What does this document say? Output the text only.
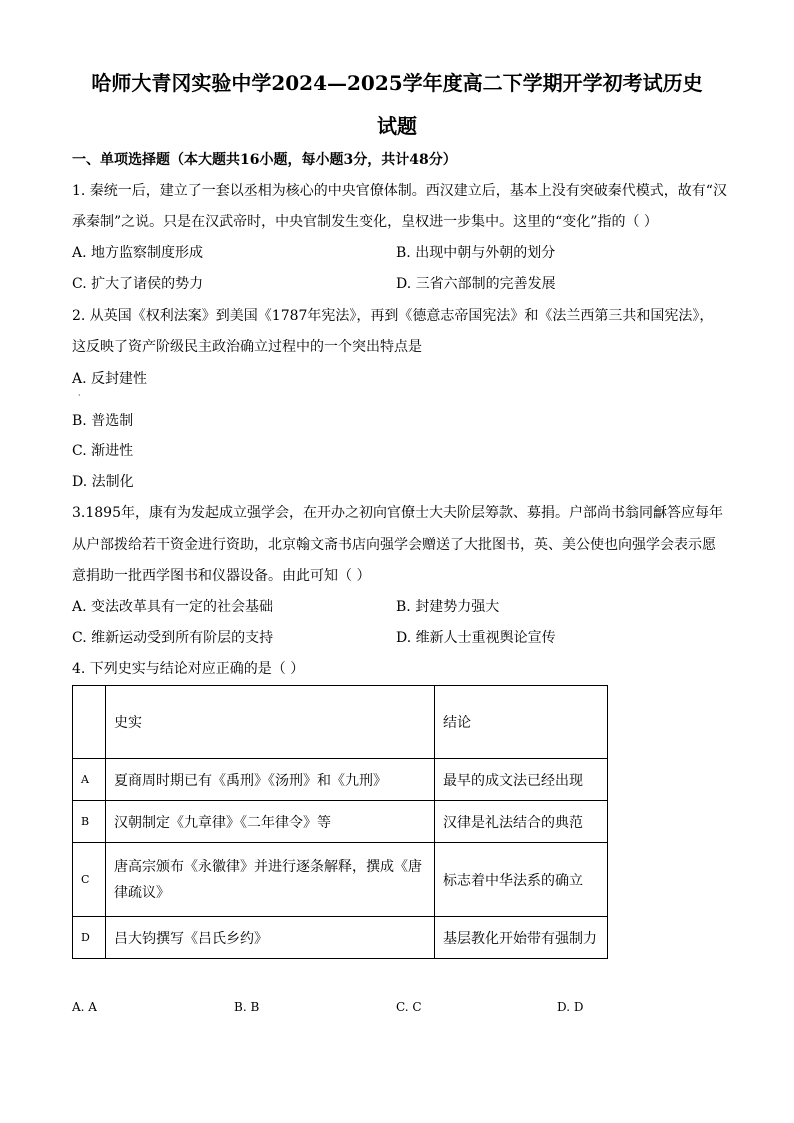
哈师大青冈实验中学2024—2025学年度高二下学期开学初考试历史
试题
一、单项选择题（本大题共16小题，每小题3分，共计48分）
1. 秦统一后，建立了一套以丞相为核心的中央官僚体制。西汉建立后，基本上没有突破秦代模式，故有“汉
承秦制”之说。只是在汉武帝时，中央官制发生变化，皇权进一步集中。这里的“变化”指的（ ）
A. 地方监察制度形成	B. 出现中朝与外朝的划分
C. 扩大了诸侯的势力	D. 三省六部制的完善发展
2. 从英国《权利法案》到美国《1787年宪法》，再到《德意志帝国宪法》和《法兰西第三共和国宪法》，
这反映了资产阶级民主政治确立过程中的一个突出特点是
A. 反封建性
·
B. 普选制
C. 渐进性
D. 法制化
3.1895年，康有为发起成立强学会，在开办之初向官僚士大夫阶层筹款、募捐。户部尚书翁同龢答应每年
从户部拨给若干资金进行资助，北京翰文斋书店向强学会赠送了大批图书，英、美公使也向强学会表示愿
意捐助一批西学图书和仪器设备。由此可知（ ）
A. 变法改革具有一定的社会基础	B. 封建势力强大
C. 维新运动受到所有阶层的支持	D. 维新人士重视舆论宣传
4. 下列史实与结论对应正确的是（ ）
	史实	结论
A	夏商周时期已有《禹刑》《汤刑》和《九刑》	最早的成文法已经出现
B	汉朝制定《九章律》《二年律令》等	汉律是礼法结合的典范
C	唐高宗颁布《永徽律》并进行逐条解释，撰成《唐
律疏议》	标志着中华法系的确立
D	吕大钧撰写《吕氏乡约》	基层教化开始带有强制力
A. A	B. B	C. C	D. D
